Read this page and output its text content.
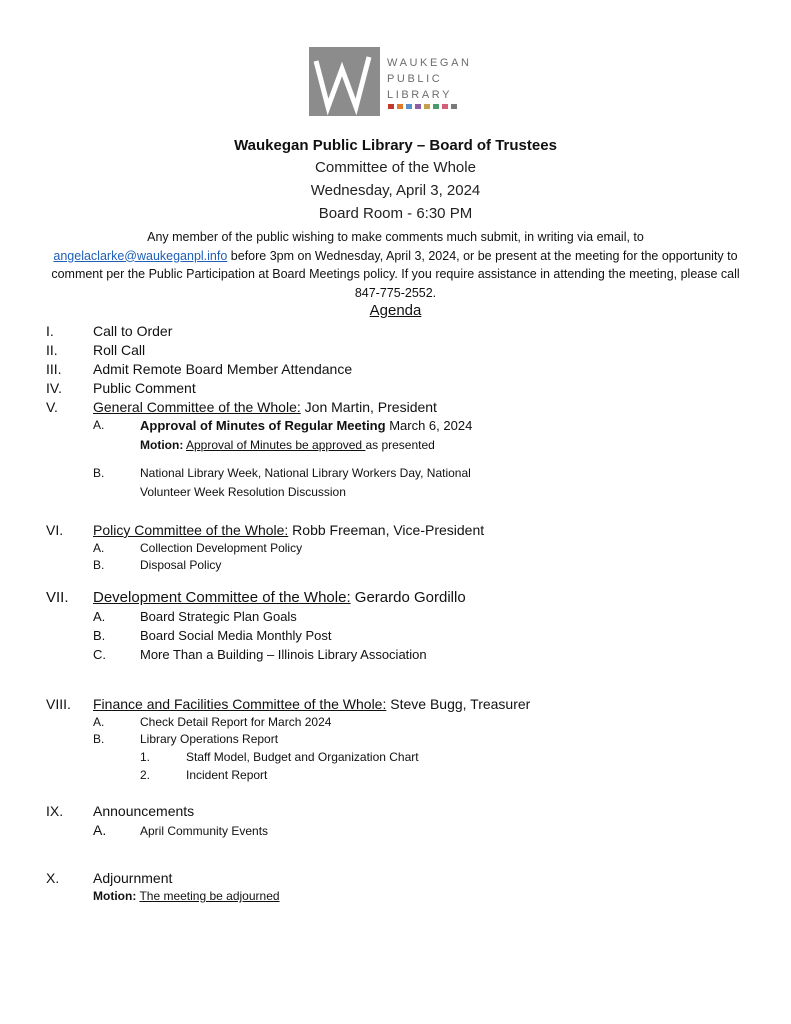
WAUKEGAN
PUBLIC
LIBRARY
Waukegan Public Library – Board of Trustees
Committee of the Whole
Wednesday, April 3, 2024
Board Room - 6:30 PM
Any member of the public wishing to make comments much submit, in writing via email, to
angelaclarke@waukeganpl.info before 3pm on Wednesday, April 3, 2024, or be present at the meeting for the opportunity to comment per the Public Participation at Board Meetings policy. If you require assistance in attending the meeting, please call 847-775-2552.
Agenda
I.	Call to Order
II.	Roll Call
III. Admit Remote Board Member Attendance
IV. Public Comment
V.	General Committee of the Whole: Jon Martin, President
A.	Approval of Minutes of Regular Meeting March 6, 2024
Motion: Approval of Minutes be approved as presented
B.	National Library Week, National Library Workers Day, National
Volunteer Week Resolution Discussion
VI. Policy Committee of the Whole: Robb Freeman, Vice-President
A.	Collection Development Policy
B.	Disposal Policy
VII. Development Committee of the Whole: Gerardo Gordillo
A.	Board Strategic Plan Goals
B.	Board Social Media Monthly Post
C.	More Than a Building – Illinois Library Association
VIII. Finance and Facilities Committee of the Whole: Steve Bugg, Treasurer
A.	Check Detail Report for March 2024
B.	Library Operations Report
1.	Staff Model, Budget and Organization Chart
2.	Incident Report
IX. Announcements
A.	April Community Events
X. Adjournment
Motion: The meeting be adjourned
